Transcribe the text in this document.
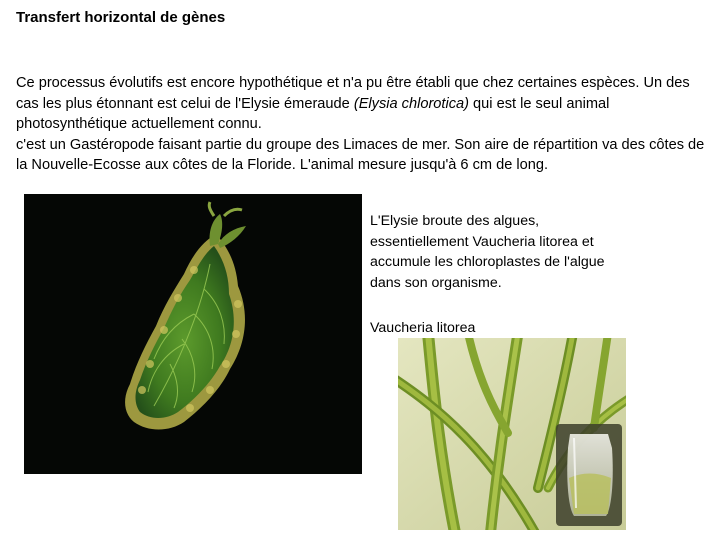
Transfert horizontal de gènes

Ce processus évolutifs est encore hypothétique et n'a pu être établi que chez certaines espèces. Un des cas les plus étonnant est celui de l'Elysie émeraude (Elysia chlorotica) qui est le seul animal photosynthétique actuellement connu.

c'est un Gastéropode faisant partie du groupe des Limaces de mer. Son aire de répartition va des côtes de la Nouvelle-Ecosse aux côtes de la Floride. L'animal mesure jusqu'à 6 cm de long.

L'Elysie broute des algues, essentiellement Vaucheria litorea et accumule les chloroplastes de l'algue dans son organisme.
Vaucheria litorea
